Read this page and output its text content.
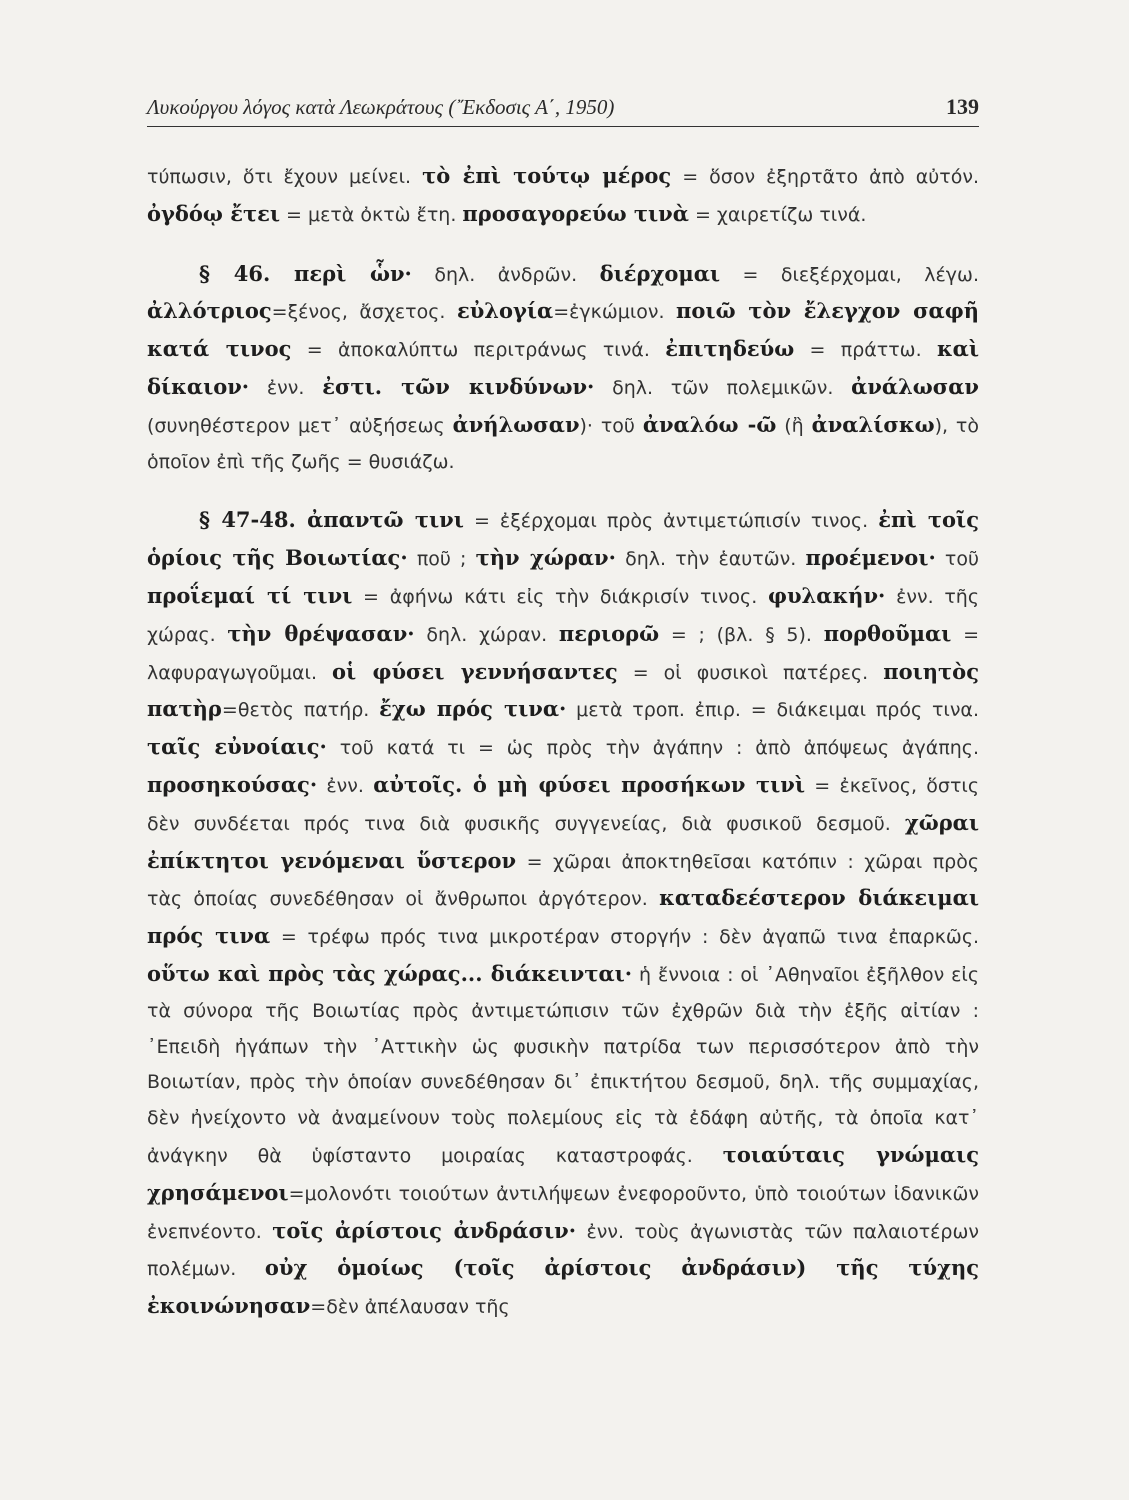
Λυκούργου λόγος κατὰ Λεωκράτους (῎Εκδοσις Α΄, 1950)	139

τύπωσιν, ὅτι ἔχουν μείνει. τὸ ἐπὶ τούτῳ μέρος = ὅσον ἐξηρτᾶτο ἀπὸ αὐτόν. ὀγδόῳ ἔτει = μετὰ ὀκτὼ ἔτη. προσαγορεύω τινὰ = χαιρετίζω τινά.

§ 46. περὶ ὧν· δηλ. ἀνδρῶν. διέρχομαι = διεξέρχομαι, λέγω. ἀλλότριος=ξένος, ἄσχετος. εὐλογία=ἐγκώμιον. ποιῶ τὸν ἔλεγχον σαφῆ κατά τινος = ἀποκαλύπτω περιτράνως τινά. ἐπιτηδεύω = πράττω. καὶ δίκαιον· ἐνν. ἐστι. τῶν κινδύνων· δηλ. τῶν πολεμικῶν. ἀνάλωσαν (συνηθέστερον μετ᾽ αὐξήσεως ἀνήλωσαν)· τοῦ ἀναλόω -ῶ (ἢ ἀναλίσκω), τὸ ὁποῖον ἐπὶ τῆς ζωῆς = θυσιάζω.

§ 47-48. ἀπαντῶ τινι = ἐξέρχομαι πρὸς ἀντιμετώπισίν τινος. ἐπὶ τοῖς ὁρίοις τῆς Βοιωτίας· ποῦ ; τὴν χώραν· δηλ. τὴν ἑαυτῶν. προέμενοι· τοῦ προΐεμαί τί τινι = ἀφήνω κάτι εἰς τὴν διάκρισίν τινος. φυλακήν· ἐνν. τῆς χώρας. τὴν θρέψασαν· δηλ. χώραν. περιορῶ = ; (βλ. § 5). πορθοῦμαι = λαφυραγωγοῦμαι. οἱ φύσει γεννήσαντες = οἱ φυσικοὶ πατέρες. ποιητὸς πατὴρ=θετὸς πατήρ. ἔχω πρός τινα· μετὰ τροπ. ἐπιρ. = διάκειμαι πρός τινα. ταῖς εὐνοίαις· τοῦ κατά τι = ὡς πρὸς τὴν ἀγάπην : ἀπὸ ἀπόψεως ἀγάπης. προσηκούσας· ἐνν. αὐτοῖς. ὁ μὴ φύσει προσήκων τινὶ = ἐκεῖνος, ὅστις δὲν συνδέεται πρός τινα διὰ φυσικῆς συγγενείας, διὰ φυσικοῦ δεσμοῦ. χῶραι ἐπίκτητοι γενόμεναι ὕστερον = χῶραι ἀποκτηθεῖσαι κατόπιν : χῶραι πρὸς τὰς ὁποίας συνεδέθησαν οἱ ἄνθρωποι ἀργότερον. καταδεέστερον διάκειμαι πρός τινα = τρέφω πρός τινα μικροτέραν στοργήν : δὲν ἀγαπῶ τινα ἐπαρκῶς. οὕτω καὶ πρὸς τὰς χώρας... διάκεινται· ἡ ἔννοια : οἱ ᾿Αθηναῖοι ἐξῆλθον εἰς τὰ σύνορα τῆς Βοιωτίας πρὸς ἀντιμετώπισιν τῶν ἐχθρῶν διὰ τὴν ἑξῆς αἰτίαν : ᾿Επειδὴ ἠγάπων τὴν ᾿Αττικὴν ὡς φυσικὴν πατρίδα των περισσότερον ἀπὸ τὴν Βοιωτίαν, πρὸς τὴν ὁποίαν συνεδέθησαν δι᾽ ἐπικτήτου δεσμοῦ, δηλ. τῆς συμμαχίας, δὲν ἠνείχοντο νὰ ἀναμείνουν τοὺς πολεμίους εἰς τὰ ἐδάφη αὐτῆς, τὰ ὁποῖα κατ᾽ ἀνάγκην θὰ ὑφίσταντο μοιραίας καταστροφάς. τοιαύταις γνώμαις χρησάμενοι=μολονότι τοιούτων ἀντιλήψεων ἐνεφοροῦντο, ὑπὸ τοιούτων ἰδανικῶν ἐνεπνέοντο. τοῖς ἀρίστοις ἀνδράσιν· ἐνν. τοὺς ἀγωνιστὰς τῶν παλαιοτέρων πολέμων. οὐχ ὁμοίως (τοῖς ἀρίστοις ἀνδράσιν) τῆς τύχης ἐκοινώνησαν=δὲν ἀπέλαυσαν τῆς
